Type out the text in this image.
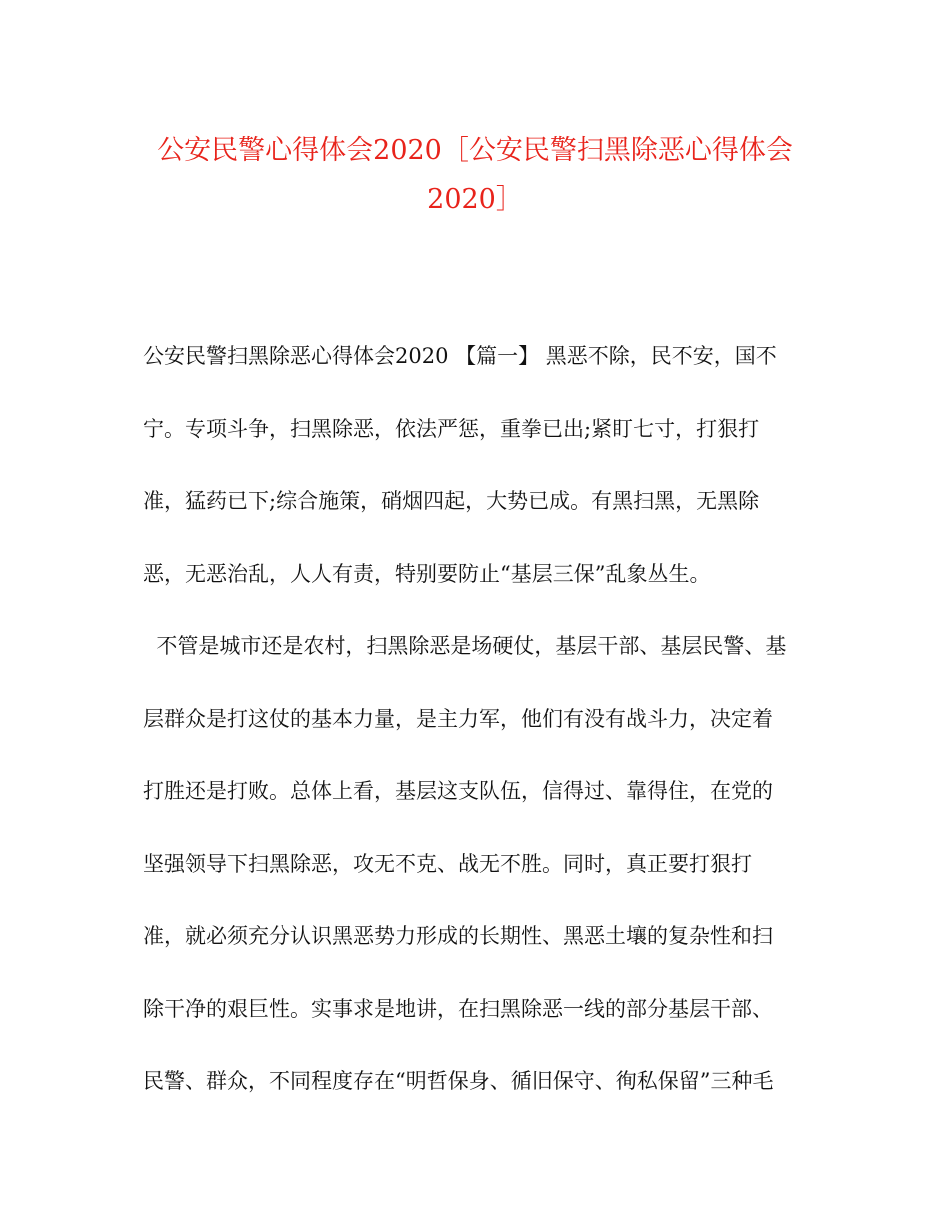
公安民警心得体会2020［公安民警扫黑除恶心得体会
2020］
公安民警扫黑除恶心得体会2020 【篇一】 黑恶不除，民不安，国不
宁。专项斗争，扫黑除恶，依法严惩，重拳已出;紧盯七寸，打狠打
准，猛药已下;综合施策，硝烟四起，大势已成。有黑扫黑，无黑除
恶，无恶治乱，人人有责，特别要防止“基层三保”乱象丛生。
不管是城市还是农村，扫黑除恶是场硬仗，基层干部、基层民警、基
层群众是打这仗的基本力量，是主力军，他们有没有战斗力，决定着
打胜还是打败。总体上看，基层这支队伍，信得过、靠得住，在党的
坚强领导下扫黑除恶，攻无不克、战无不胜。同时，真正要打狠打
准，就必须充分认识黑恶势力形成的长期性、黑恶土壤的复杂性和扫
除干净的艰巨性。实事求是地讲，在扫黑除恶一线的部分基层干部、
民警、群众，不同程度存在“明哲保身、循旧保守、徇私保留”三种毛
